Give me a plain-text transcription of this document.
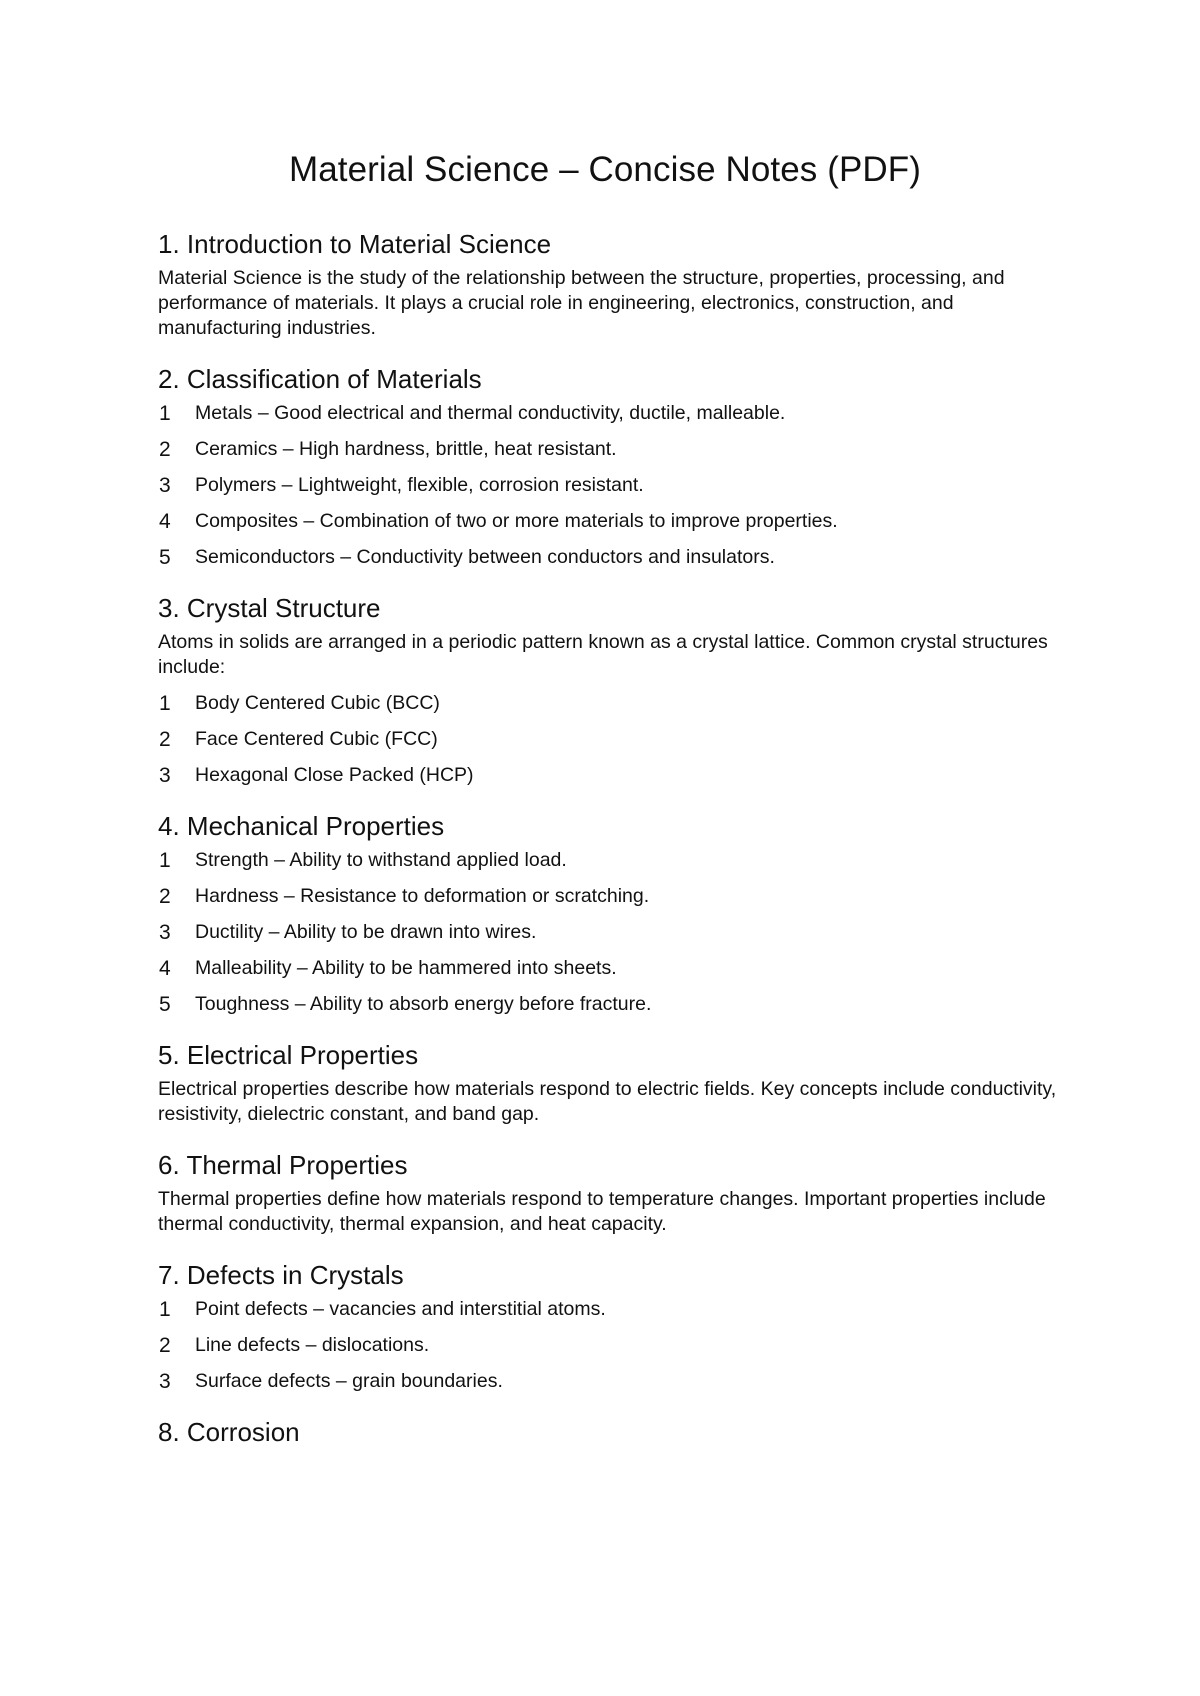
Material Science – Concise Notes (PDF)
1. Introduction to Material Science

Material Science is the study of the relationship between the structure, properties, processing, and performance of materials. It plays a crucial role in engineering, electronics, construction, and manufacturing industries.

2. Classification of Materials
1	Metals – Good electrical and thermal conductivity, ductile, malleable.
2	Ceramics – High hardness, brittle, heat resistant.
3	Polymers – Lightweight, flexible, corrosion resistant.
4	Composites – Combination of two or more materials to improve properties.
5	Semiconductors – Conductivity between conductors and insulators.
3. Crystal Structure

Atoms in solids are arranged in a periodic pattern known as a crystal lattice. Common crystal structures include:

1	Body Centered Cubic (BCC)
2	Face Centered Cubic (FCC)
3	Hexagonal Close Packed (HCP)
4. Mechanical Properties
1	Strength – Ability to withstand applied load.
2	Hardness – Resistance to deformation or scratching.
3	Ductility – Ability to be drawn into wires.
4	Malleability – Ability to be hammered into sheets.
5	Toughness – Ability to absorb energy before fracture.
5. Electrical Properties

Electrical properties describe how materials respond to electric fields. Key concepts include conductivity, resistivity, dielectric constant, and band gap.

6. Thermal Properties

Thermal properties define how materials respond to temperature changes. Important properties include thermal conductivity, thermal expansion, and heat capacity.

7. Defects in Crystals
1	Point defects – vacancies and interstitial atoms.
2	Line defects – dislocations.
3	Surface defects – grain boundaries.
8. Corrosion
